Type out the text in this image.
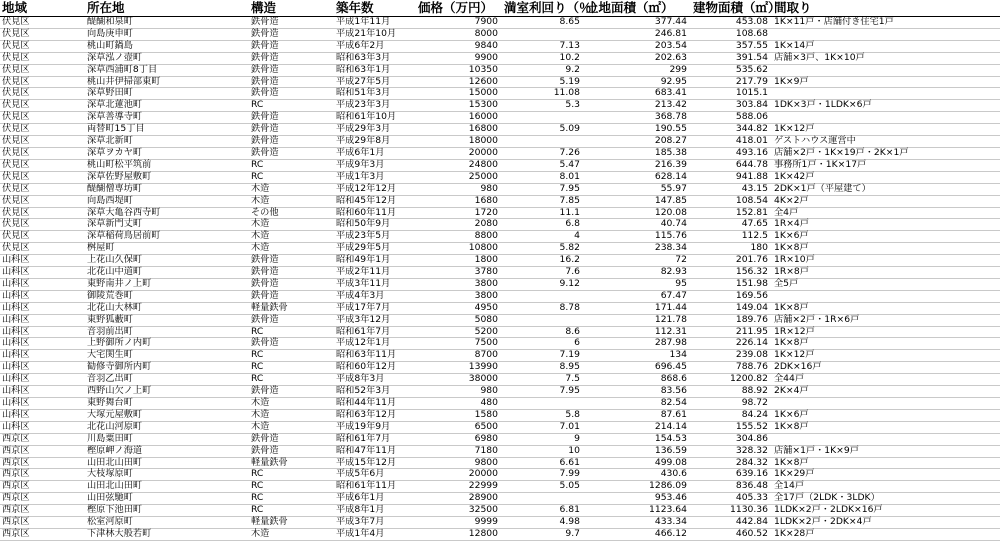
地域	所在地	構造	築年数	価格（万円）	満室利回り（％）	土地面積（㎡）	建物面積（㎡）	間取り
伏見区	醍醐和泉町	鉄骨造	平成1年11月	7900	8.65	377.44	453.08	1K×11戸・店舗付き住宅1戸
伏見区	向島庚申町	鉄骨造	平成21年10月	8000		246.81	108.68	
伏見区	桃山町鍋島	鉄骨造	平成6年2月	9840	7.13	203.54	357.55	1K×14戸
伏見区	深草泓ノ壺町	鉄骨造	昭和63年3月	9900	10.2	202.63	391.54	店舗×3戸、1K×10戸
伏見区	深草西浦町8丁目	鉄骨造	昭和63年1月	10350	9.2	299	535.62	
伏見区	桃山井伊掃部東町	鉄骨造	平成27年5月	12600	5.19	92.95	217.79	1K×9戸
伏見区	深草野田町	鉄骨造	昭和51年3月	15000	11.08	683.41	1015.1	
伏見区	深草北蓮池町	RC	平成23年3月	15300	5.3	213.42	303.84	1DK×3戸・1LDK×6戸
伏見区	深草善導寺町	鉄骨造	昭和61年10月	16000		368.78	588.06	
伏見区	両替町15丁目	鉄骨造	平成29年3月	16800	5.09	190.55	344.82	1K×12戸
伏見区	深草北新町	鉄骨造	平成29年8月	18000		208.27	418.01	ゲストハウス運営中
伏見区	深草ヲカヤ町	鉄骨造	平成6年1月	20000	7.26	185.38	493.16	店舗×2戸・1K×19戸・2K×1戸
伏見区	桃山町松平筑前	RC	平成9年3月	24800	5.47	216.39	644.78	事務所1戸・1K×17戸
伏見区	深草佐野屋敷町	RC	平成1年3月	25000	8.01	628.14	941.88	1K×42戸
伏見区	醍醐僧専坊町	木造	平成12年12月	980	7.95	55.97	43.15	2DK×1戸（平屋建て）
伏見区	向島西堤町	木造	昭和45年12月	1680	7.85	147.85	108.54	4K×2戸
伏見区	深草大亀谷西寺町	その他	昭和60年11月	1720	11.1	120.08	152.81	全4戸
伏見区	深草新門丈町	木造	昭和50年9月	2080	6.8	40.74	47.65	1R×4戸
伏見区	深草稲荷鳥居前町	木造	平成23年5月	8800	4	115.76	112.5	1K×6戸
伏見区	桝屋町	木造	平成29年5月	10800	5.82	238.34	180	1K×8戸
山科区	上花山久保町	鉄骨造	昭和49年1月	1800	16.2	72	201.76	1R×10戸
山科区	北花山中道町	鉄骨造	平成2年11月	3780	7.6	82.93	156.32	1R×8戸
山科区	東野南井ノ上町	鉄骨造	平成3年11月	3800	9.12	95	151.98	全5戸
山科区	御陵荒巻町	鉄骨造	平成4年3月	3800		67.47	169.56	
山科区	北花山大林町	軽量鉄骨	平成17年7月	4950	8.78	171.44	149.04	1K×8戸
山科区	東野狐藪町	鉄骨造	平成3年12月	5080		121.78	189.76	店舗×2戸・1R×6戸
山科区	音羽前出町	RC	昭和61年7月	5200	8.6	112.31	211.95	1R×12戸
山科区	上野御所ノ内町	鉄骨造	平成12年1月	7500	6	287.98	226.14	1K×8戸
山科区	大宅関生町	RC	昭和63年11月	8700	7.19	134	239.08	1K×12戸
山科区	勧修寺御所内町	RC	昭和60年12月	13990	8.95	696.45	788.76	2DK×16戸
山科区	音羽乙出町	RC	平成8年3月	38000	7.5	868.6	1200.82	全44戸
山科区	西野山欠ノ上町	鉄骨造	昭和52年3月	980	7.95	83.56	88.92	2K×4戸
山科区	東野舞台町	木造	昭和44年11月	480		82.54	98.72	
山科区	大塚元屋敷町	木造	昭和63年12月	1580	5.8	87.61	84.24	1K×6戸
山科区	北花山河原町	木造	平成19年9月	6500	7.01	214.14	155.52	1K×8戸
西京区	川島粟田町	鉄骨造	昭和61年7月	6980	9	154.53	304.86	
西京区	樫原岬ノ海道	鉄骨造	昭和47年11月	7180	10	136.59	328.32	店舗×1戸・1K×9戸
西京区	山田北山田町	軽量鉄骨	平成15年12月	9800	6.61	499.08	284.32	1K×8戸
西京区	大枝塚原町	RC	平成5年6月	20000	7.99	430.6	639.16	1K×29戸
西京区	山田北山田町	RC	昭和61年11月	22999	5.05	1286.09	836.48	全14戸
西京区	山田弦馳町	RC	平成6年1月	28900		953.46	405.33	全17戸（2LDK・3LDK）
西京区	樫原下池田町	RC	平成8年1月	32500	6.81	1123.64	1130.36	1LDK×2戸・2LDK×16戸
西京区	松室河原町	軽量鉄骨	平成3年7月	9999	4.98	433.34	442.84	1LDK×2戸・2DK×4戸
西京区	下津林大般若町	木造	平成1年4月	12800	9.7	466.12	460.52	1K×28戸
